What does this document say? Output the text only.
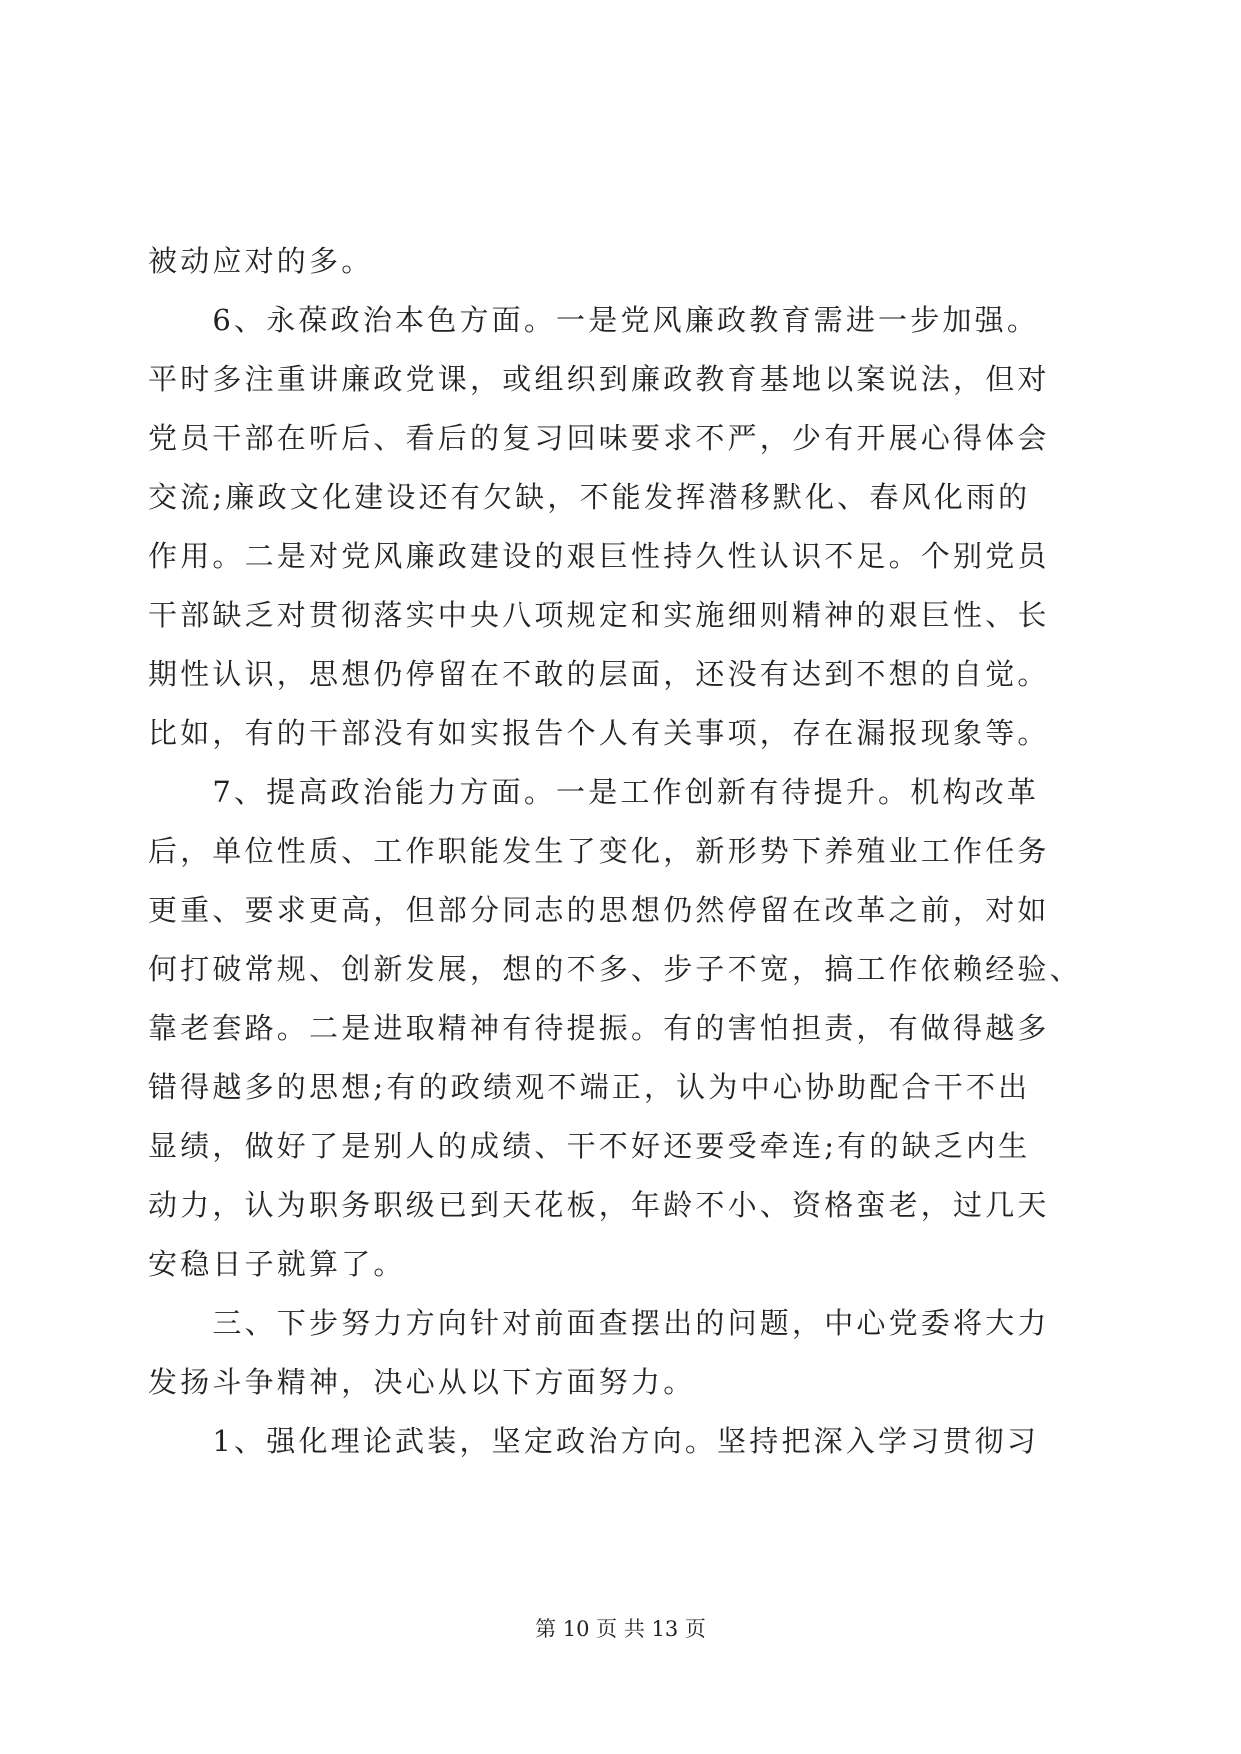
被动应对的多。
　　6、永葆政治本色方面。一是党风廉政教育需进一步加强。
平时多注重讲廉政党课，或组织到廉政教育基地以案说法，但对
党员干部在听后、看后的复习回味要求不严，少有开展心得体会
交流;廉政文化建设还有欠缺，不能发挥潜移默化、春风化雨的
作用。二是对党风廉政建设的艰巨性持久性认识不足。个别党员
干部缺乏对贯彻落实中央八项规定和实施细则精神的艰巨性、长
期性认识，思想仍停留在不敢的层面，还没有达到不想的自觉。
比如，有的干部没有如实报告个人有关事项，存在漏报现象等。
　　7、提高政治能力方面。一是工作创新有待提升。机构改革
后，单位性质、工作职能发生了变化，新形势下养殖业工作任务
更重、要求更高，但部分同志的思想仍然停留在改革之前，对如
何打破常规、创新发展，想的不多、步子不宽，搞工作依赖经验、
靠老套路。二是进取精神有待提振。有的害怕担责，有做得越多
错得越多的思想;有的政绩观不端正，认为中心协助配合干不出
显绩，做好了是别人的成绩、干不好还要受牵连;有的缺乏内生
动力，认为职务职级已到天花板，年龄不小、资格蛮老，过几天
安稳日子就算了。
　　三、下步努力方向针对前面查摆出的问题，中心党委将大力
发扬斗争精神，决心从以下方面努力。
　　1、强化理论武装，坚定政治方向。坚持把深入学习贯彻习
第 10 页 共 13 页
